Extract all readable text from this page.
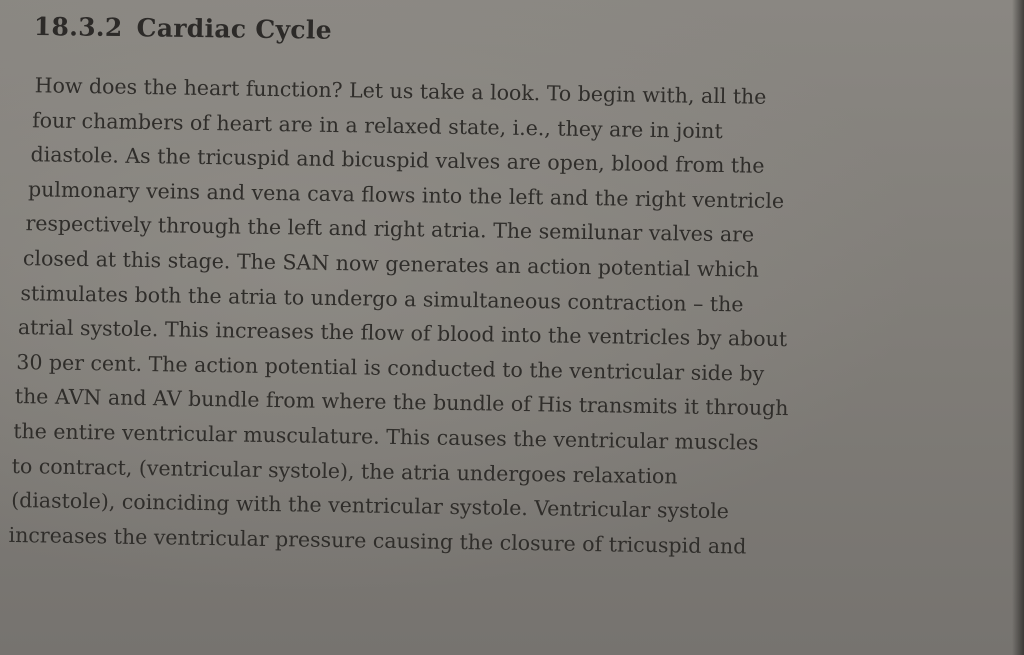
18.3.2 Cardiac Cycle
How does the heart function? Let us take a look. To begin with, all the
four chambers of heart are in a relaxed state, i.e., they are in joint
diastole. As the tricuspid and bicuspid valves are open, blood from the
pulmonary veins and vena cava flows into the left and the right ventricle
respectively through the left and right atria. The semilunar valves are
closed at this stage. The SAN now generates an action potential which
stimulates both the atria to undergo a simultaneous contraction – the
atrial systole. This increases the flow of blood into the ventricles by about
30 per cent. The action potential is conducted to the ventricular side by
the AVN and AV bundle from where the bundle of His transmits it through
the entire ventricular musculature. This causes the ventricular muscles
to contract, (ventricular systole), the atria undergoes relaxation
(diastole), coinciding with the ventricular systole. Ventricular systole
increases the ventricular pressure causing the closure of tricuspid and
